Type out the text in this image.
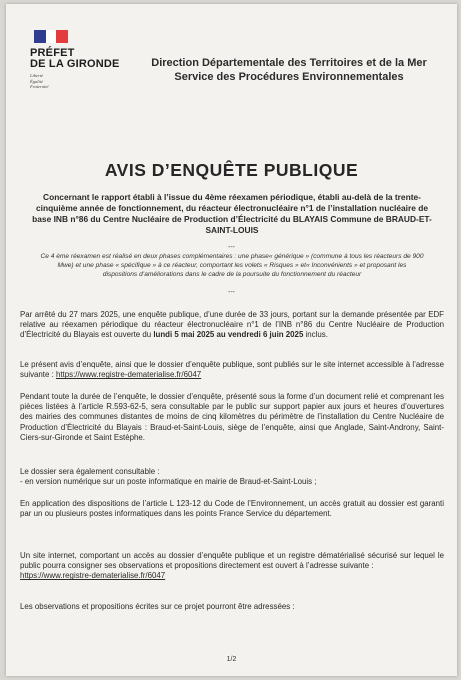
PRÉFET
DE LA GIRONDE
Liberté
Égalité
Fraternité
Direction Départementale des Territoires et de la Mer
Service des Procédures Environnementales
AVIS D’ENQUÊTE PUBLIQUE
Concernant le rapport établi à l’issue du 4ème réexamen périodique, établi au-delà de la trente-cinquième année de fonctionnement, du réacteur électronucléaire n°1 de l’installation nucléaire de base INB n°86 du Centre Nucléaire de Production d’Électricité du BLAYAIS Commune de BRAUD-ET-SAINT-LOUIS
---
Ce 4 ème réexamen est réalisé en deux phases complémentaires : une phase« générique » (commune à tous les réacteurs de 900 Mwe) et une phase « spécifique » à ce réacteur, comportant les volets « Risques » et« Inconvénients » et proposant les dispositions d’améliorations dans le cadre de la poursuite du fonctionnement du réacteur
---
Par arrêté du 27 mars 2025, une enquête publique, d’une durée de 33 jours, portant sur la demande présentée par EDF relative au réexamen périodique du réacteur électronucléaire n°1 de l’INB n°86 du Centre Nucléaire de Production d’Électricité du Blayais est ouverte du lundi 5 mai 2025 au vendredi 6 juin 2025 inclus.
Le présent avis d’enquête, ainsi que le dossier d’enquête publique, sont publiés sur le site internet accessible à l’adresse suivante : https://www.registre-dematerialise.fr/6047
Pendant toute la durée de l’enquête, le dossier d’enquête, présenté sous la forme d’un document relié et comprenant les pièces listées à l’article R.593-62-5, sera consultable par le public sur support papier aux jours et heures d’ouvertures des mairies des communes distantes de moins de cinq kilomètres du périmètre de l’installation du Centre Nucléaire de Production d’Électricité du Blayais : Braud-et-Saint-Louis, siège de l’enquête, ainsi que Anglade, Saint-Androny, Saint-Ciers-sur-Gironde et Saint Estèphe.
Le dossier sera également consultable :
- en version numérique sur un poste informatique en mairie de Braud-et-Saint-Louis ;
En application des dispositions de l’article L 123-12 du Code de l’Environnement, un accès gratuit au dossier est garanti par un ou plusieurs postes informatiques dans les points France Service du département.
Un site internet, comportant un accès au dossier d’enquête publique et un registre dématérialisé sécurisé sur lequel le public pourra consigner ses observations et propositions directement est ouvert à l’adresse suivante :
https://www.registre-dematerialise.fr/6047
Les observations et propositions écrites sur ce projet pourront être adressées :
1/2
